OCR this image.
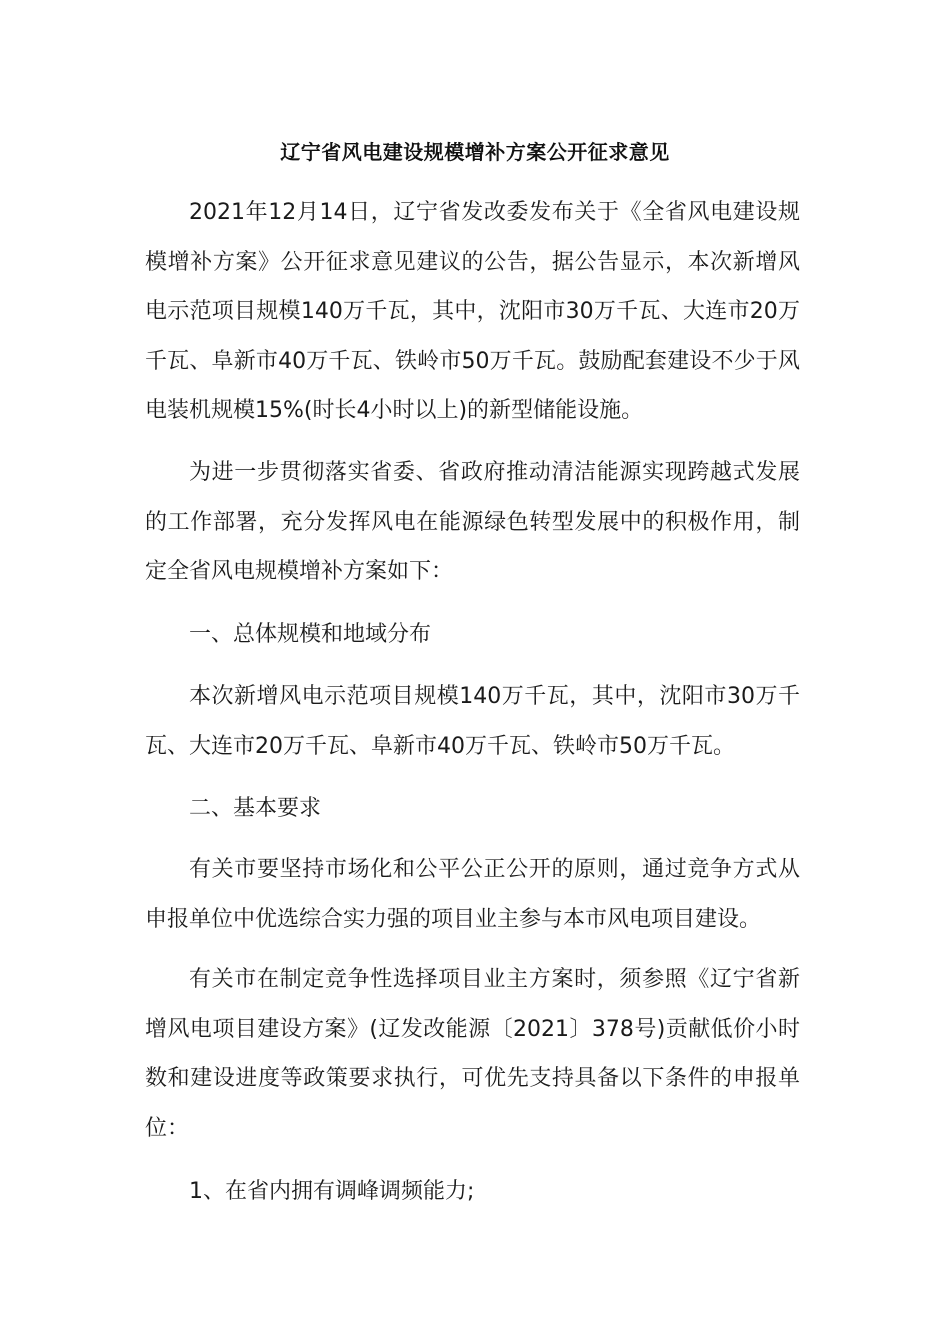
辽宁省风电建设规模增补方案公开征求意见

2021年12月14日，辽宁省发改委发布关于《全省风电建设规模增补方案》公开征求意见建议的公告，据公告显示，本次新增风电示范项目规模140万千瓦，其中，沈阳市30万千瓦、大连市20万千瓦、阜新市40万千瓦、铁岭市50万千瓦。鼓励配套建设不少于风电装机规模15%(时长4小时以上)的新型储能设施。

为进一步贯彻落实省委、省政府推动清洁能源实现跨越式发展的工作部署，充分发挥风电在能源绿色转型发展中的积极作用，制定全省风电规模增补方案如下：

一、总体规模和地域分布

本次新增风电示范项目规模140万千瓦，其中，沈阳市30万千瓦、大连市20万千瓦、阜新市40万千瓦、铁岭市50万千瓦。

二、基本要求

有关市要坚持市场化和公平公正公开的原则，通过竞争方式从申报单位中优选综合实力强的项目业主参与本市风电项目建设。

有关市在制定竞争性选择项目业主方案时，须参照《辽宁省新增风电项目建设方案》(辽发改能源〔2021〕378号)贡献低价小时数和建设进度等政策要求执行，可优先支持具备以下条件的申报单位：

1、在省内拥有调峰调频能力;
